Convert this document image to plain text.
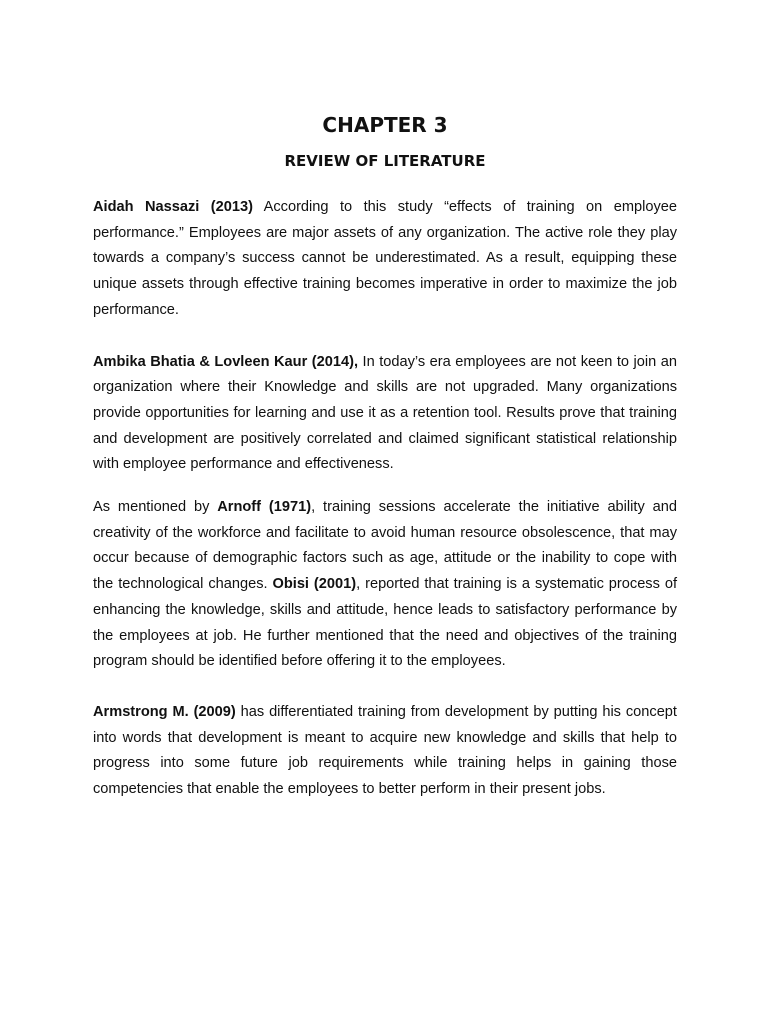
CHAPTER 3
REVIEW OF LITERATURE

Aidah Nassazi (2013) According to this study “effects of training on employee performance.” Employees are major assets of any organization. The active role they play towards a company’s success cannot be underestimated. As a result, equipping these unique assets through effective training becomes imperative in order to maximize the job performance.

Ambika Bhatia & Lovleen Kaur (2014), In today’s era employees are not keen to join an organization where their Knowledge and skills are not upgraded. Many organizations provide opportunities for learning and use it as a retention tool. Results prove that training and development are positively correlated and claimed significant statistical relationship with employee performance and effectiveness.

As mentioned by Arnoff (1971), training sessions accelerate the initiative ability and creativity of the workforce and facilitate to avoid human resource obsolescence, that may occur because of demographic factors such as age, attitude or the inability to cope with the technological changes. Obisi (2001), reported that training is a systematic process of enhancing the knowledge, skills and attitude, hence leads to satisfactory performance by the employees at job. He further mentioned that the need and objectives of the training program should be identified before offering it to the employees.

Armstrong M. (2009) has differentiated training from development by putting his concept into words that development is meant to acquire new knowledge and skills that help to progress into some future job requirements while training helps in gaining those competencies that enable the employees to better perform in their present jobs.
